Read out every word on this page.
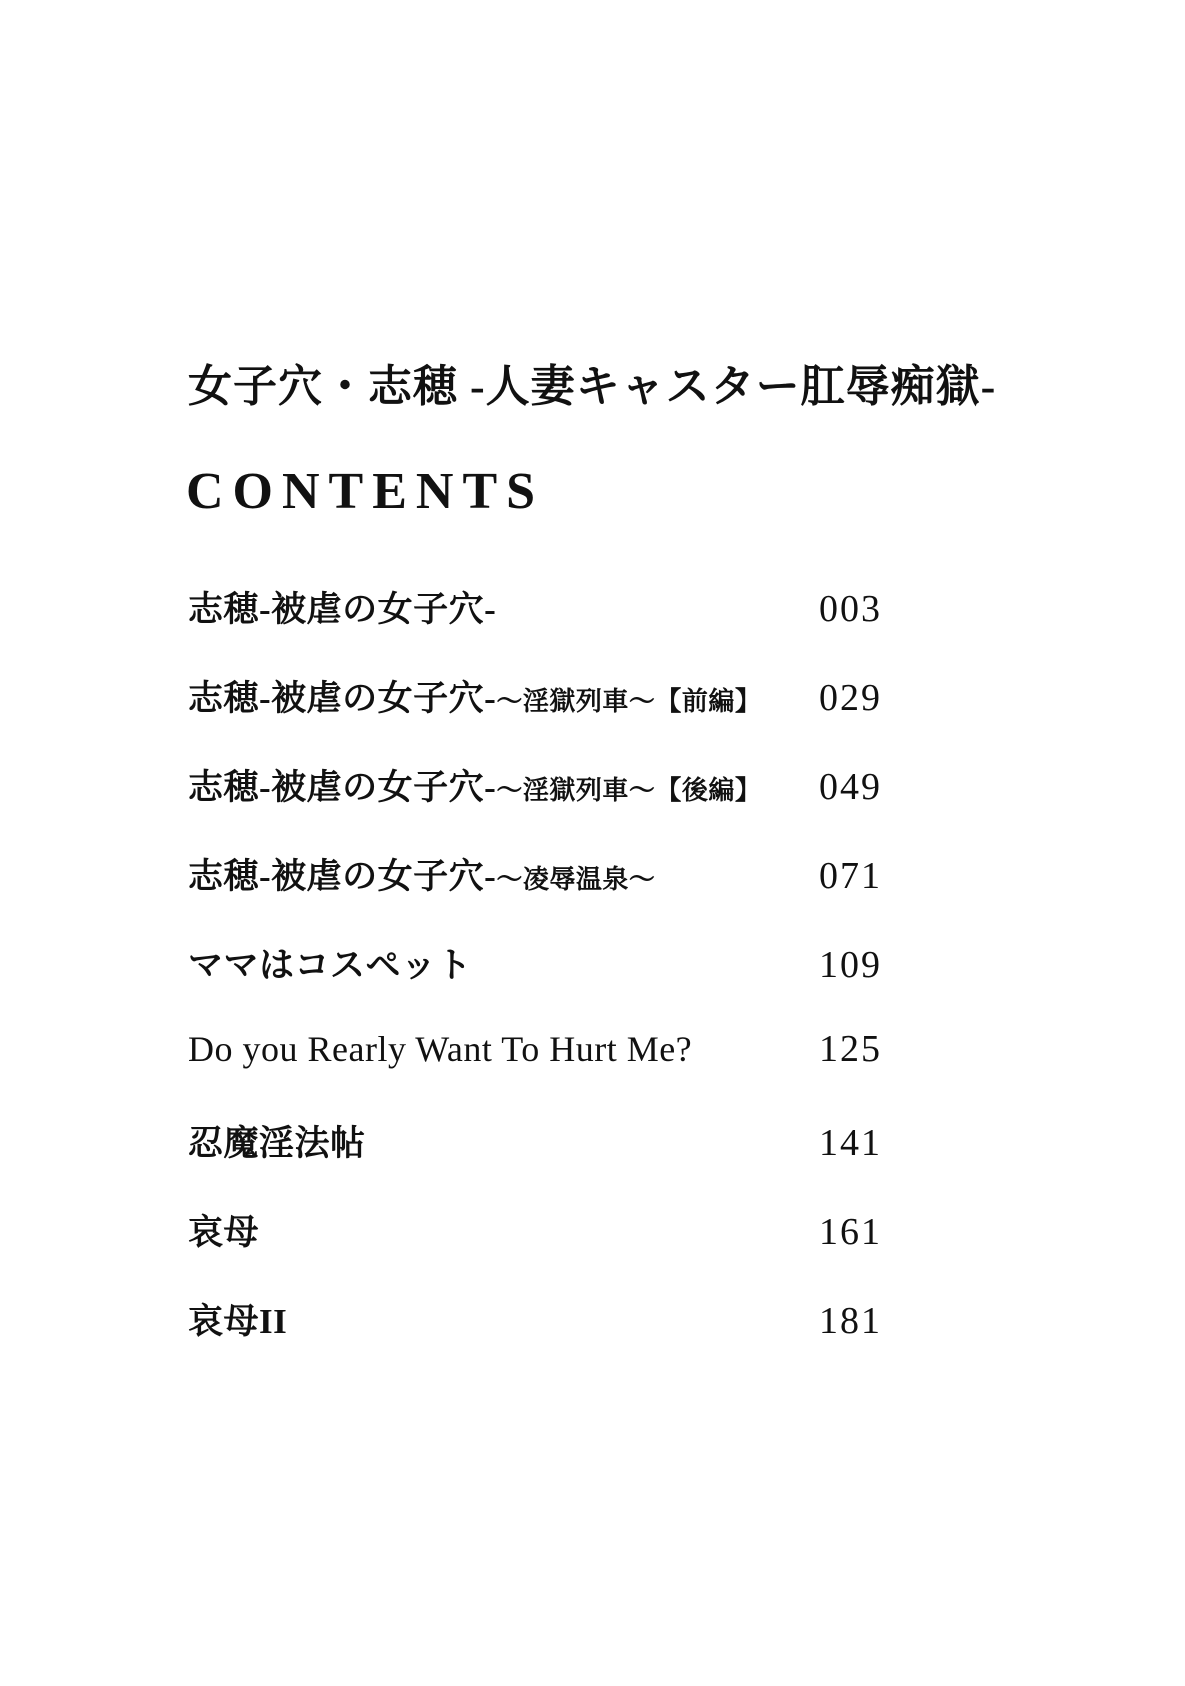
女子穴・志穂 -人妻キャスター肛辱痴獄-
CONTENTS
志穂-被虐の女子穴-	003
志穂-被虐の女子穴-～淫獄列車～【前編】 029
志穂-被虐の女子穴-～淫獄列車～【後編】 049
志穂-被虐の女子穴-～凌辱温泉～	071
ママはコスペット	109
Do you Rearly Want To Hurt Me?	125
忍魔淫法帖	141
哀母	161
哀母II	181
